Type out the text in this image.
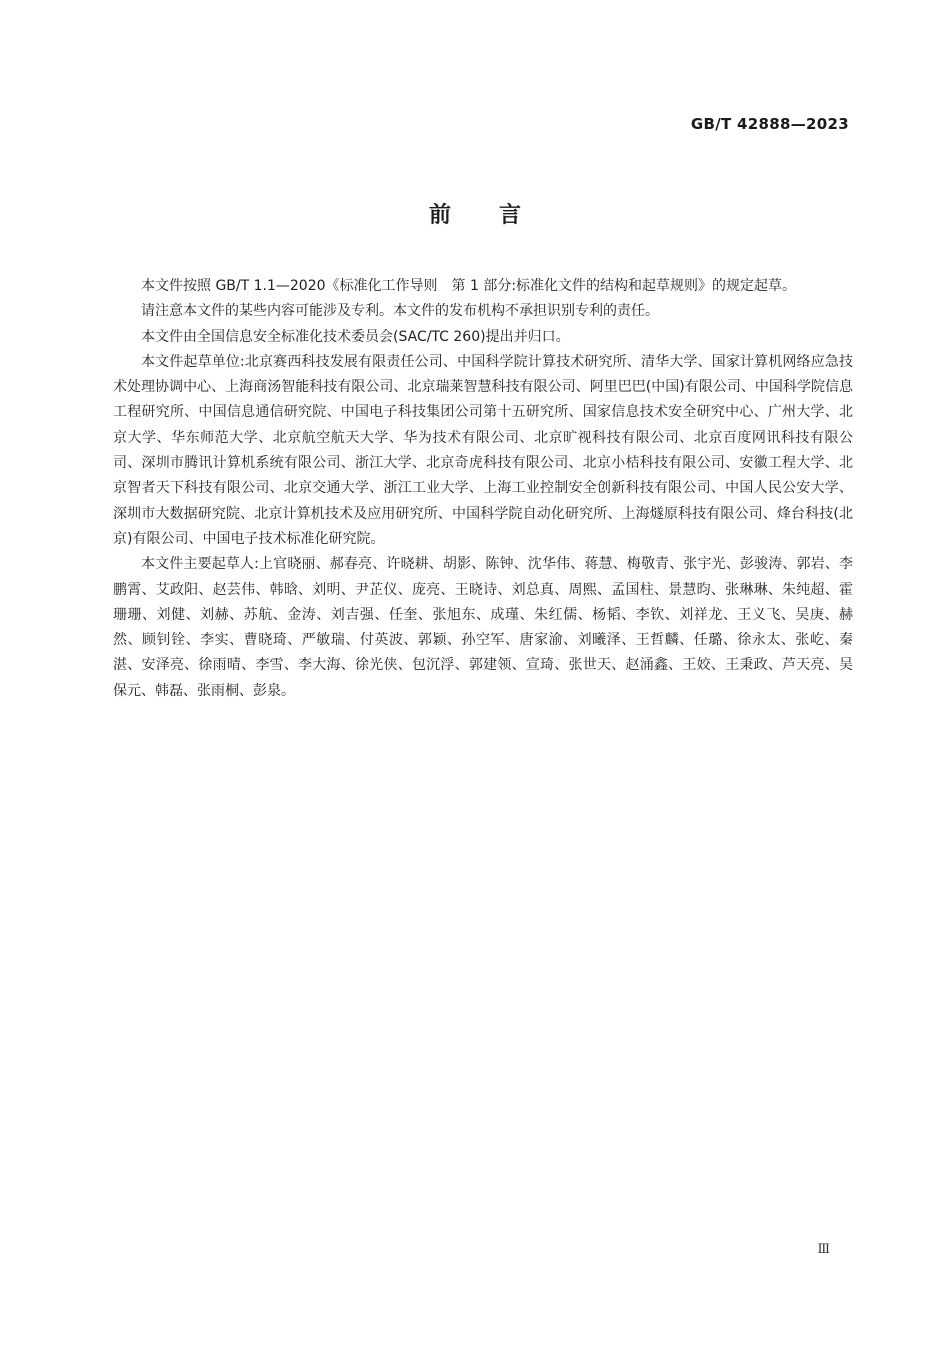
GB/T 42888—2023
前言

本文件按照 GB/T 1.1—2020《标准化工作导则　第 1 部分:标准化文件的结构和起草规则》的规定起草。

请注意本文件的某些内容可能涉及专利。本文件的发布机构不承担识别专利的责任。

本文件由全国信息安全标准化技术委员会(SAC/TC 260)提出并归口。

本文件起草单位:北京赛西科技发展有限责任公司、中国科学院计算技术研究所、清华大学、国家计算机网络应急技术处理协调中心、上海商汤智能科技有限公司、北京瑞莱智慧科技有限公司、阿里巴巴(中国)有限公司、中国科学院信息工程研究所、中国信息通信研究院、中国电子科技集团公司第十五研究所、国家信息技术安全研究中心、广州大学、北京大学、华东师范大学、北京航空航天大学、华为技术有限公司、北京旷视科技有限公司、北京百度网讯科技有限公司、深圳市腾讯计算机系统有限公司、浙江大学、北京奇虎科技有限公司、北京小桔科技有限公司、安徽工程大学、北京智者天下科技有限公司、北京交通大学、浙江工业大学、上海工业控制安全创新科技有限公司、中国人民公安大学、深圳市大数据研究院、北京计算机技术及应用研究所、中国科学院自动化研究所、上海燧原科技有限公司、烽台科技(北京)有限公司、中国电子技术标准化研究院。

本文件主要起草人:上官晓丽、郝春亮、许晓耕、胡影、陈钟、沈华伟、蒋慧、梅敬青、张宇光、彭骏涛、郭岩、李鹏霄、艾政阳、赵芸伟、韩晗、刘明、尹芷仪、庞亮、王晓诗、刘总真、周熙、孟国柱、景慧昀、张琳琳、朱纯超、霍珊珊、刘健、刘赫、苏航、金涛、刘吉强、任奎、张旭东、成瑾、朱红儒、杨韬、李钦、刘祥龙、王义飞、吴庚、赫然、顾钊铨、李实、曹晓琦、严敏瑞、付英波、郭颖、孙空军、唐家渝、刘曦泽、王哲麟、任璐、徐永太、张屹、秦湛、安泽亮、徐雨晴、李雪、李大海、徐光侠、包沉浮、郭建领、宣琦、张世天、赵涌鑫、王姣、王秉政、芦天亮、吴保元、韩磊、张雨桐、彭泉。

Ⅲ
